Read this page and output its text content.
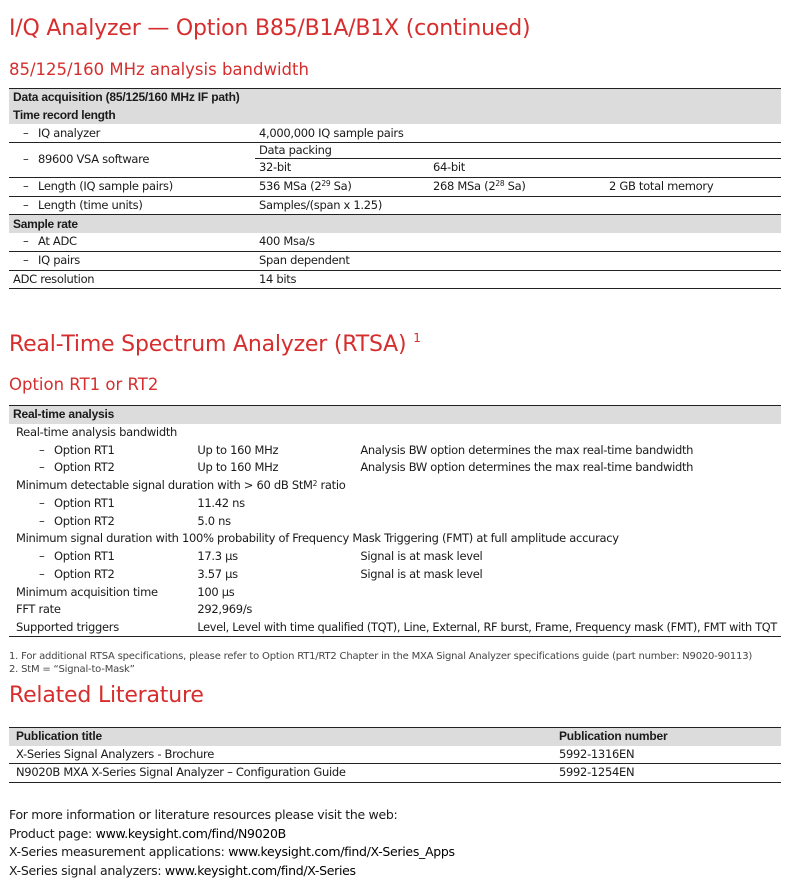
I/Q Analyzer — Option B85/B1A/B1X (continued)
85/125/160 MHz analysis bandwidth
Data acquisition (85/125/160 MHz IF path)			
Time record length			
– IQ analyzer	4,000,000 IQ sample pairs		
– 89600 VSA software	Data packing		
	32-bit	64-bit	
– Length (IQ sample pairs)	536 MSa ($2^{29}$ Sa)	268 MSa ($2^{28}$ Sa)	2 GB total memory
– Length (time units)	Samples/(span x 1.25)		
Sample rate			
– At ADC	400 Msa/s		
– IQ pairs	Span dependent		
ADC resolution	14 bits		
Real-Time Spectrum Analyzer (RTSA) $^1$
Option RT1 or RT2
Real-time analysis		
Real-time analysis bandwidth		
– Option RT1	Up to 160 MHz	Analysis BW option determines the max real-time bandwidth
– Option RT2	Up to 160 MHz	Analysis BW option determines the max real-time bandwidth
Minimum detectable signal duration with > 60 dB StM$^2$ ratio		
– Option RT1	11.42 ns	
– Option RT2	5.0 ns	
Minimum signal duration with 100% probability of Frequency Mask Triggering (FMT) at full amplitude accuracy		
– Option RT1	17.3 µs	Signal is at mask level
– Option RT2	3.57 µs	Signal is at mask level
Minimum acquisition time	100 µs	
FFT rate	292,969/s	
Supported triggers	Level, Level with time qualified (TQT), Line, External, RF burst, Frame, Frequency mask (FMT), FMT with TQT	
1. For additional RTSA specifications, please refer to Option RT1/RT2 Chapter in the MXA Signal Analyzer specifications guide (part number: N9020-90113)
2. StM = “Signal-to-Mask”
Related Literature
Publication title	Publication number
X-Series Signal Analyzers - Brochure	5992-1316EN
N9020B MXA X-Series Signal Analyzer – Configuration Guide	5992-1254EN

For more information or literature resources please visit the web:

Product page: www.keysight.com/find/N9020B

X-Series measurement applications: www.keysight.com/find/X-Series_Apps

X-Series signal analyzers: www.keysight.com/find/X-Series
